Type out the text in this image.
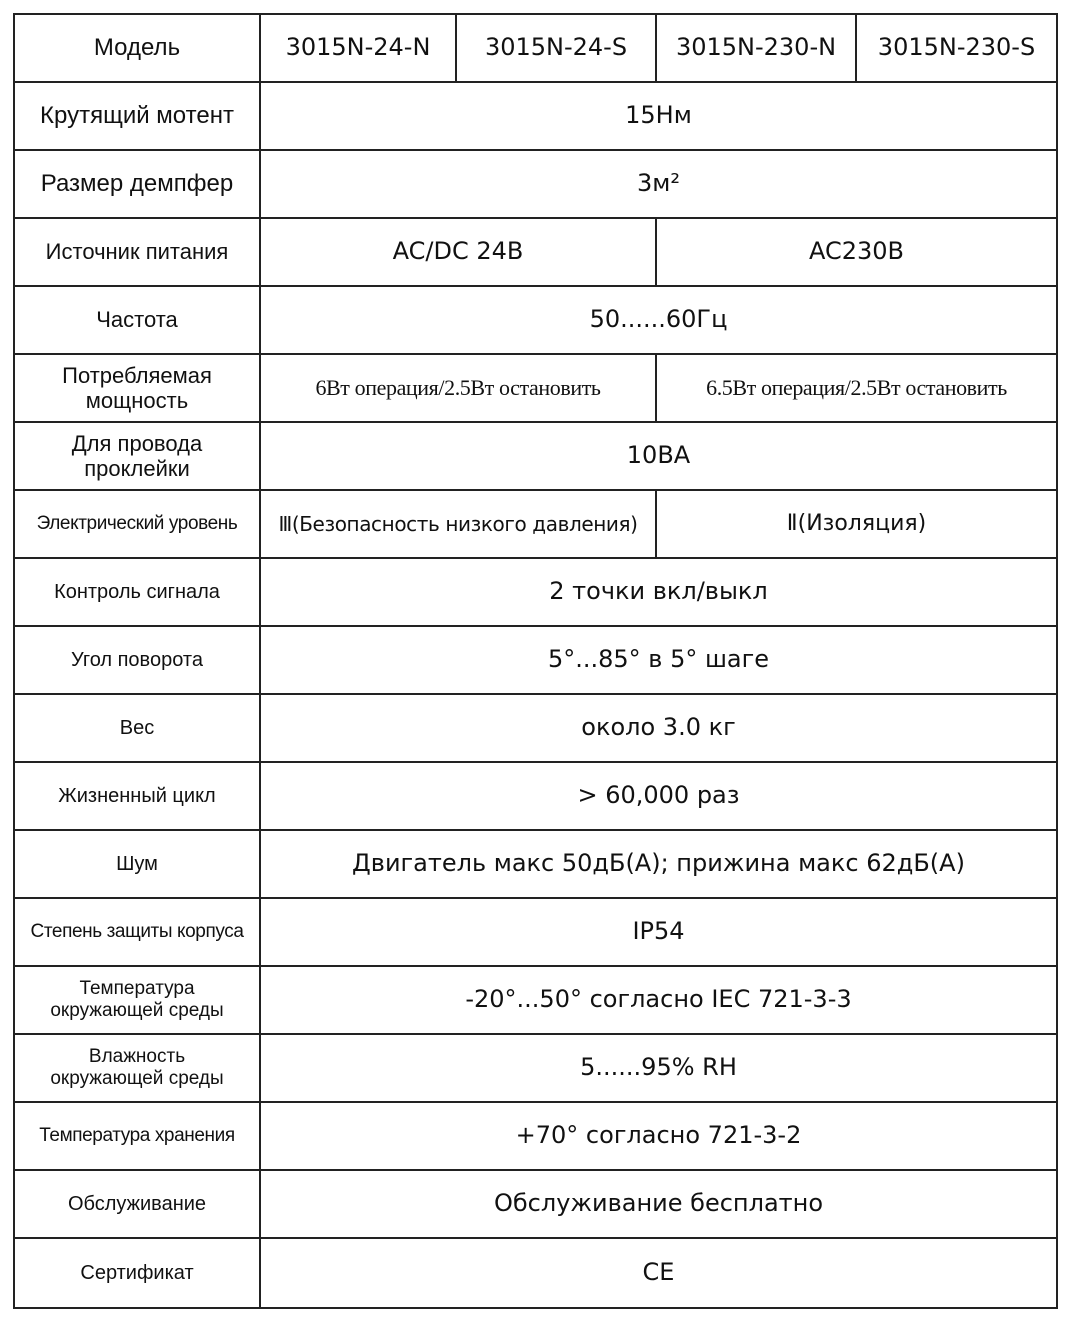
Модель	3015N-24-N	3015N-24-S	3015N-230-N	3015N-230-S
Крутящий мотент	15Нм			
Размер демпфер	3м²			
Источник питания	AC/DC 24B		AC230B	
Частота	50......60Гц			

Потребляемая
мощность	6Вт операция/2.5Вт остановить		6.5Вт операция/2.5Вт остановить	

Для провода
проклейки	10BA			
Электрический уровень	Ⅲ(Безопасность низкого давления)		Ⅱ(Изоляция)	
Контроль сигнала	2 точки вкл/выкл			
Угол поворота	5°...85° в 5° шаге			
Вес	около 3.0 кг			
Жизненный цикл	> 60,000 раз			
Шум	Двигатель макс 50дБ(А); прижина макс 62дБ(А)			
Степень защиты корпуса	IP54			

Температура
окружающей среды	-20°...50° согласно IEC 721-3-3			

Влажность
окружающей среды	5......95% RH			
Температура хранения	+70° согласно 721-3-2			
Обслуживание	Обслуживание бесплатно			
Сертификат	CE			
